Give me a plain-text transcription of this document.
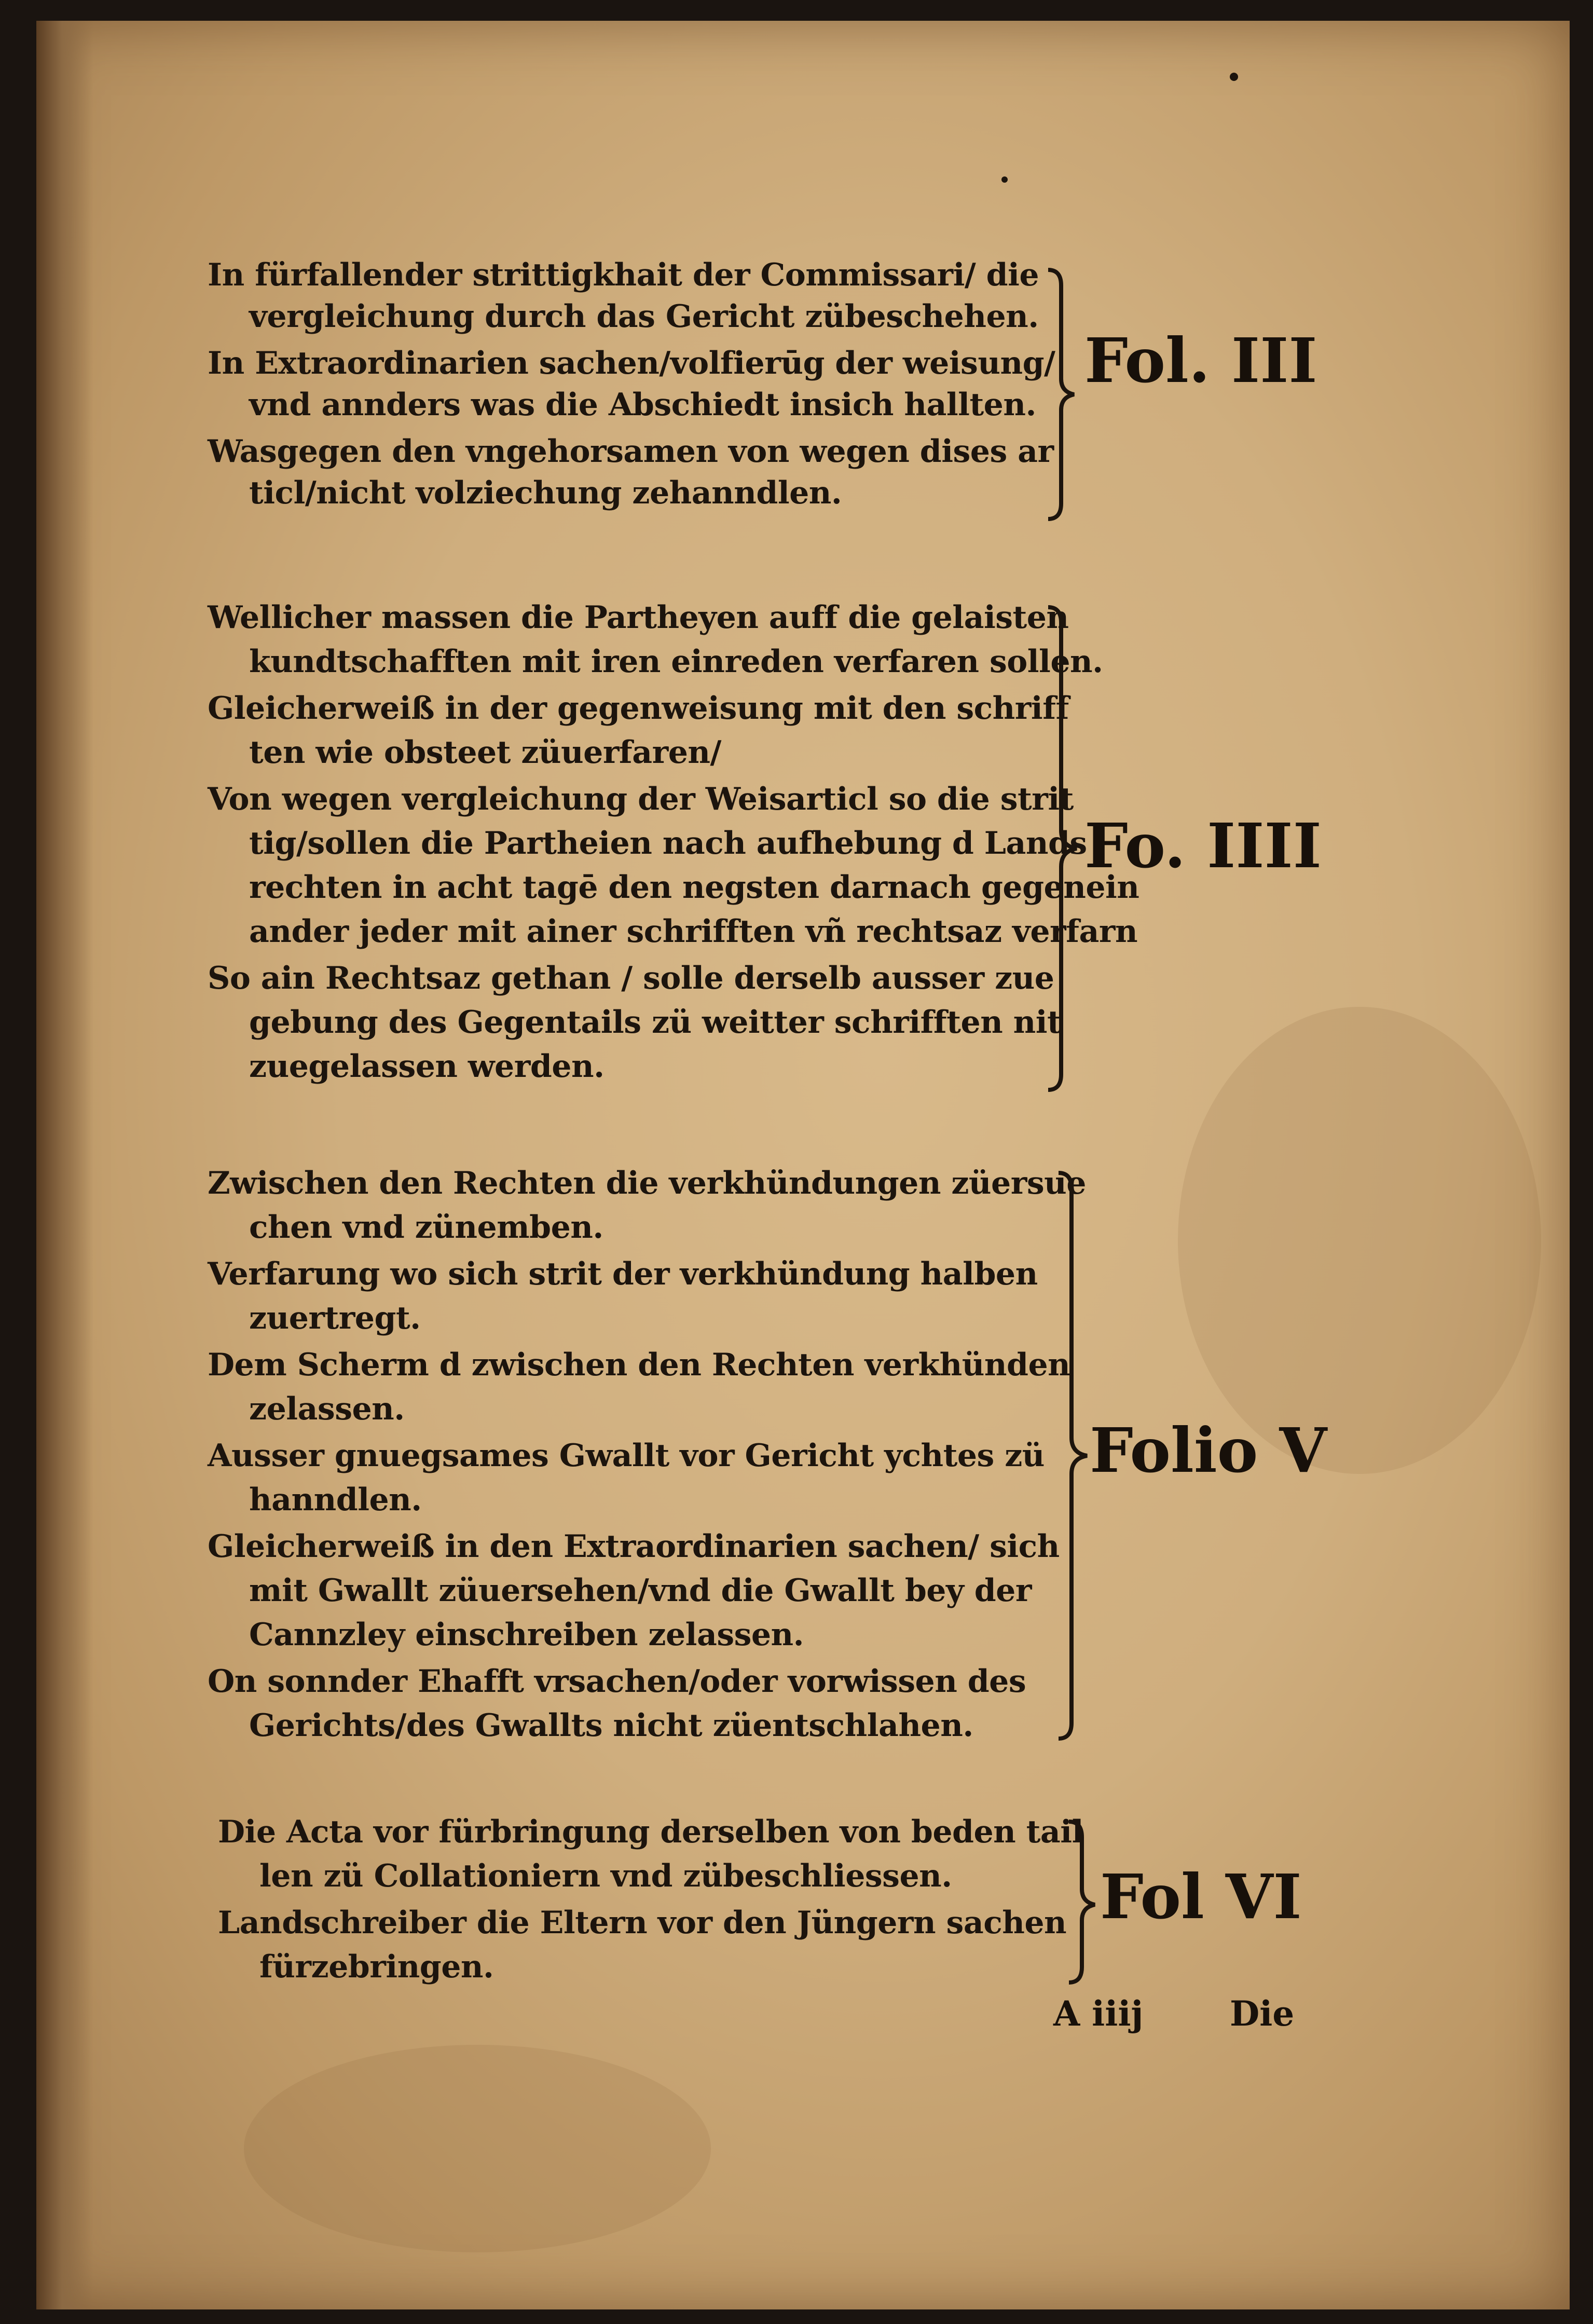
In fürfallender strittigkhait der Commissari/ die
vergleichung durch das Gericht zübeschehen.
In Extraordinarien sachen/volfierūg der weisung/
vnd annders was die Abschiedt insich hallten.
Wasgegen den vngehorsamen von wegen dises ar
ticl/nicht volziechung zehanndlen.
Fol. III
Wellicher massen die Partheyen auff die gelaisten
kundtschafften mit iren einreden verfaren sollen.
Gleicherweiß in der gegenweisung mit den schriff
ten wie obsteet züuerfaren/
Von wegen vergleichung der Weisarticl so die strit
tig/sollen die Partheien nach aufhebung d Lands
rechten in acht tagē den negsten darnach gegenein
ander jeder mit ainer schrifften vñ rechtsaz verfarn
So ain Rechtsaz gethan / solle derselb ausser zue
gebung des Gegentails zü weitter schrifften nit
zuegelassen werden.
Fo. IIII
Zwischen den Rechten die verkhündungen züersue
chen vnd zünemben.
Verfarung wo sich strit der verkhündung halben
zuertregt.
Dem Scherm d zwischen den Rechten verkhünden
zelassen.
Ausser gnuegsames Gwallt vor Gericht ychtes zü
hanndlen.
Gleicherweiß in den Extraordinarien sachen/ sich
mit Gwallt züuersehen/vnd die Gwallt bey der
Cannzley einschreiben zelassen.
On sonnder Ehafft vrsachen/oder vorwissen des
Gerichts/des Gwallts nicht züentschlahen.
Folio V
Die Acta vor fürbringung derselben von beden tail
len zü Collationiern vnd zübeschliessen.
Landschreiber die Eltern vor den Jüngern sachen
fürzebringen.
Fol VI
A iiij	Die
